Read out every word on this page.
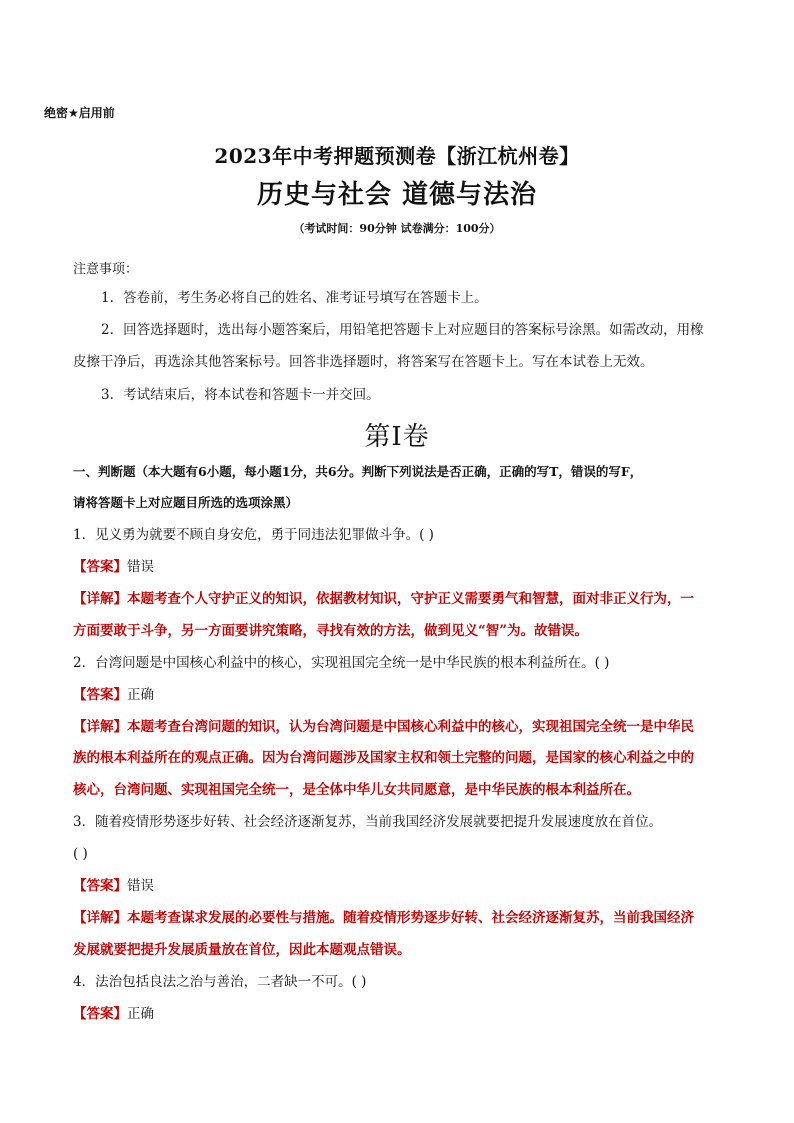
绝密★启用前
2023年中考押题预测卷【浙江杭州卷】
历史与社会 道德与法治
（考试时间：90分钟 试卷满分：100分）
注意事项：
1．答卷前，考生务必将自己的姓名、准考证号填写在答题卡上。
2．回答选择题时，选出每小题答案后，用铅笔把答题卡上对应题目的答案标号涂黑。如需改动，用橡
皮擦干净后，再选涂其他答案标号。回答非选择题时，将答案写在答题卡上。写在本试卷上无效。
3．考试结束后，将本试卷和答题卡一并交回。
第Ⅰ卷
一、判断题（本大题有6小题，每小题1分，共6分。判断下列说法是否正确，正确的写T，错误的写F，
请将答题卡上对应题目所选的选项涂黑）
1．见义勇为就要不顾自身安危，勇于同违法犯罪做斗争。( )
【答案】错误
【详解】本题考查个人守护正义的知识，依据教材知识，守护正义需要勇气和智慧，面对非正义行为，一
方面要敢于斗争，另一方面要讲究策略，寻找有效的方法，做到见义“智”为。故错误。
2．台湾问题是中国核心利益中的核心，实现祖国完全统一是中华民族的根本利益所在。( )
【答案】正确
【详解】本题考查台湾问题的知识，认为台湾问题是中国核心利益中的核心，实现祖国完全统一是中华民
族的根本利益所在的观点正确。因为台湾问题涉及国家主权和领土完整的问题，是国家的核心利益之中的
核心，台湾问题、实现祖国完全统一，是全体中华儿女共同愿意，是中华民族的根本利益所在。
3．随着疫情形势逐步好转、社会经济逐渐复苏，当前我国经济发展就要把提升发展速度放在首位。
( )
【答案】错误
【详解】本题考查谋求发展的必要性与措施。随着疫情形势逐步好转、社会经济逐渐复苏，当前我国经济
发展就要把提升发展质量放在首位，因此本题观点错误。
4．法治包括良法之治与善治，二者缺一不可。( )
【答案】正确
